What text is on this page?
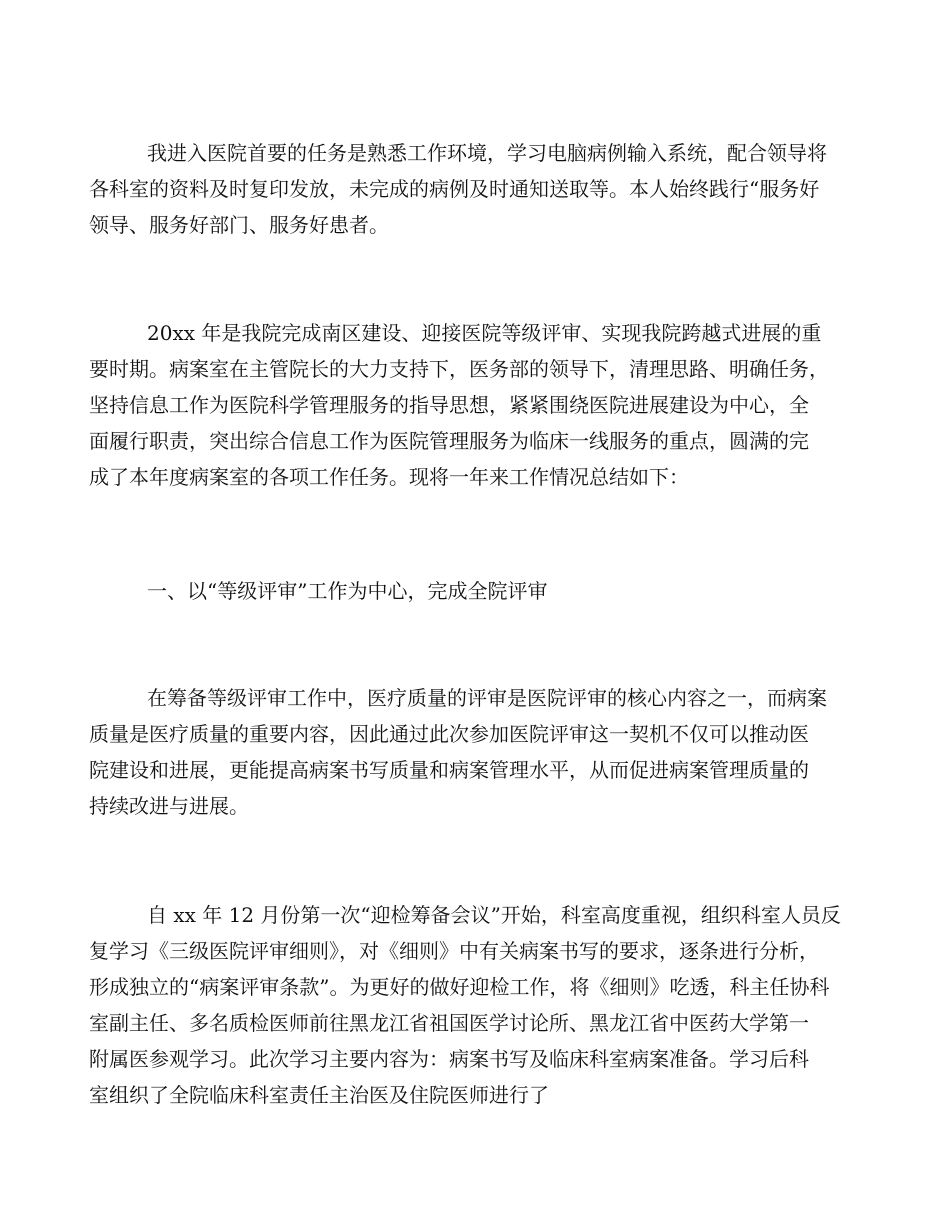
我进入医院首要的任务是熟悉工作环境，学习电脑病例输入系统，配合领导将
各科室的资料及时复印发放，未完成的病例及时通知送取等。本人始终践行“服务好
领导、服务好部门、服务好患者。

20xx 年是我院完成南区建设、迎接医院等级评审、实现我院跨越式进展的重
要时期。病案室在主管院长的大力支持下，医务部的领导下，清理思路、明确任务，
坚持信息工作为医院科学管理服务的指导思想，紧紧围绕医院进展建设为中心，全
面履行职责，突出综合信息工作为医院管理服务为临床一线服务的重点，圆满的完
成了本年度病案室的各项工作任务。现将一年来工作情况总结如下：

一、以“等级评审”工作为中心，完成全院评审

在筹备等级评审工作中，医疗质量的评审是医院评审的核心内容之一，而病案
质量是医疗质量的重要内容，因此通过此次参加医院评审这一契机不仅可以推动医
院建设和进展，更能提高病案书写质量和病案管理水平，从而促进病案管理质量的
持续改进与进展。

自 xx 年 12 月份第一次“迎检筹备会议”开始，科室高度重视，组织科室人员反
复学习《三级医院评审细则》，对《细则》中有关病案书写的要求，逐条进行分析，
形成独立的“病案评审条款”。为更好的做好迎检工作，将《细则》吃透，科主任协科
室副主任、多名质检医师前往黑龙江省祖国医学讨论所、黑龙江省中医药大学第一
附属医参观学习。此次学习主要内容为：病案书写及临床科室病案准备。学习后科
室组织了全院临床科室责任主治医及住院医师进行了
